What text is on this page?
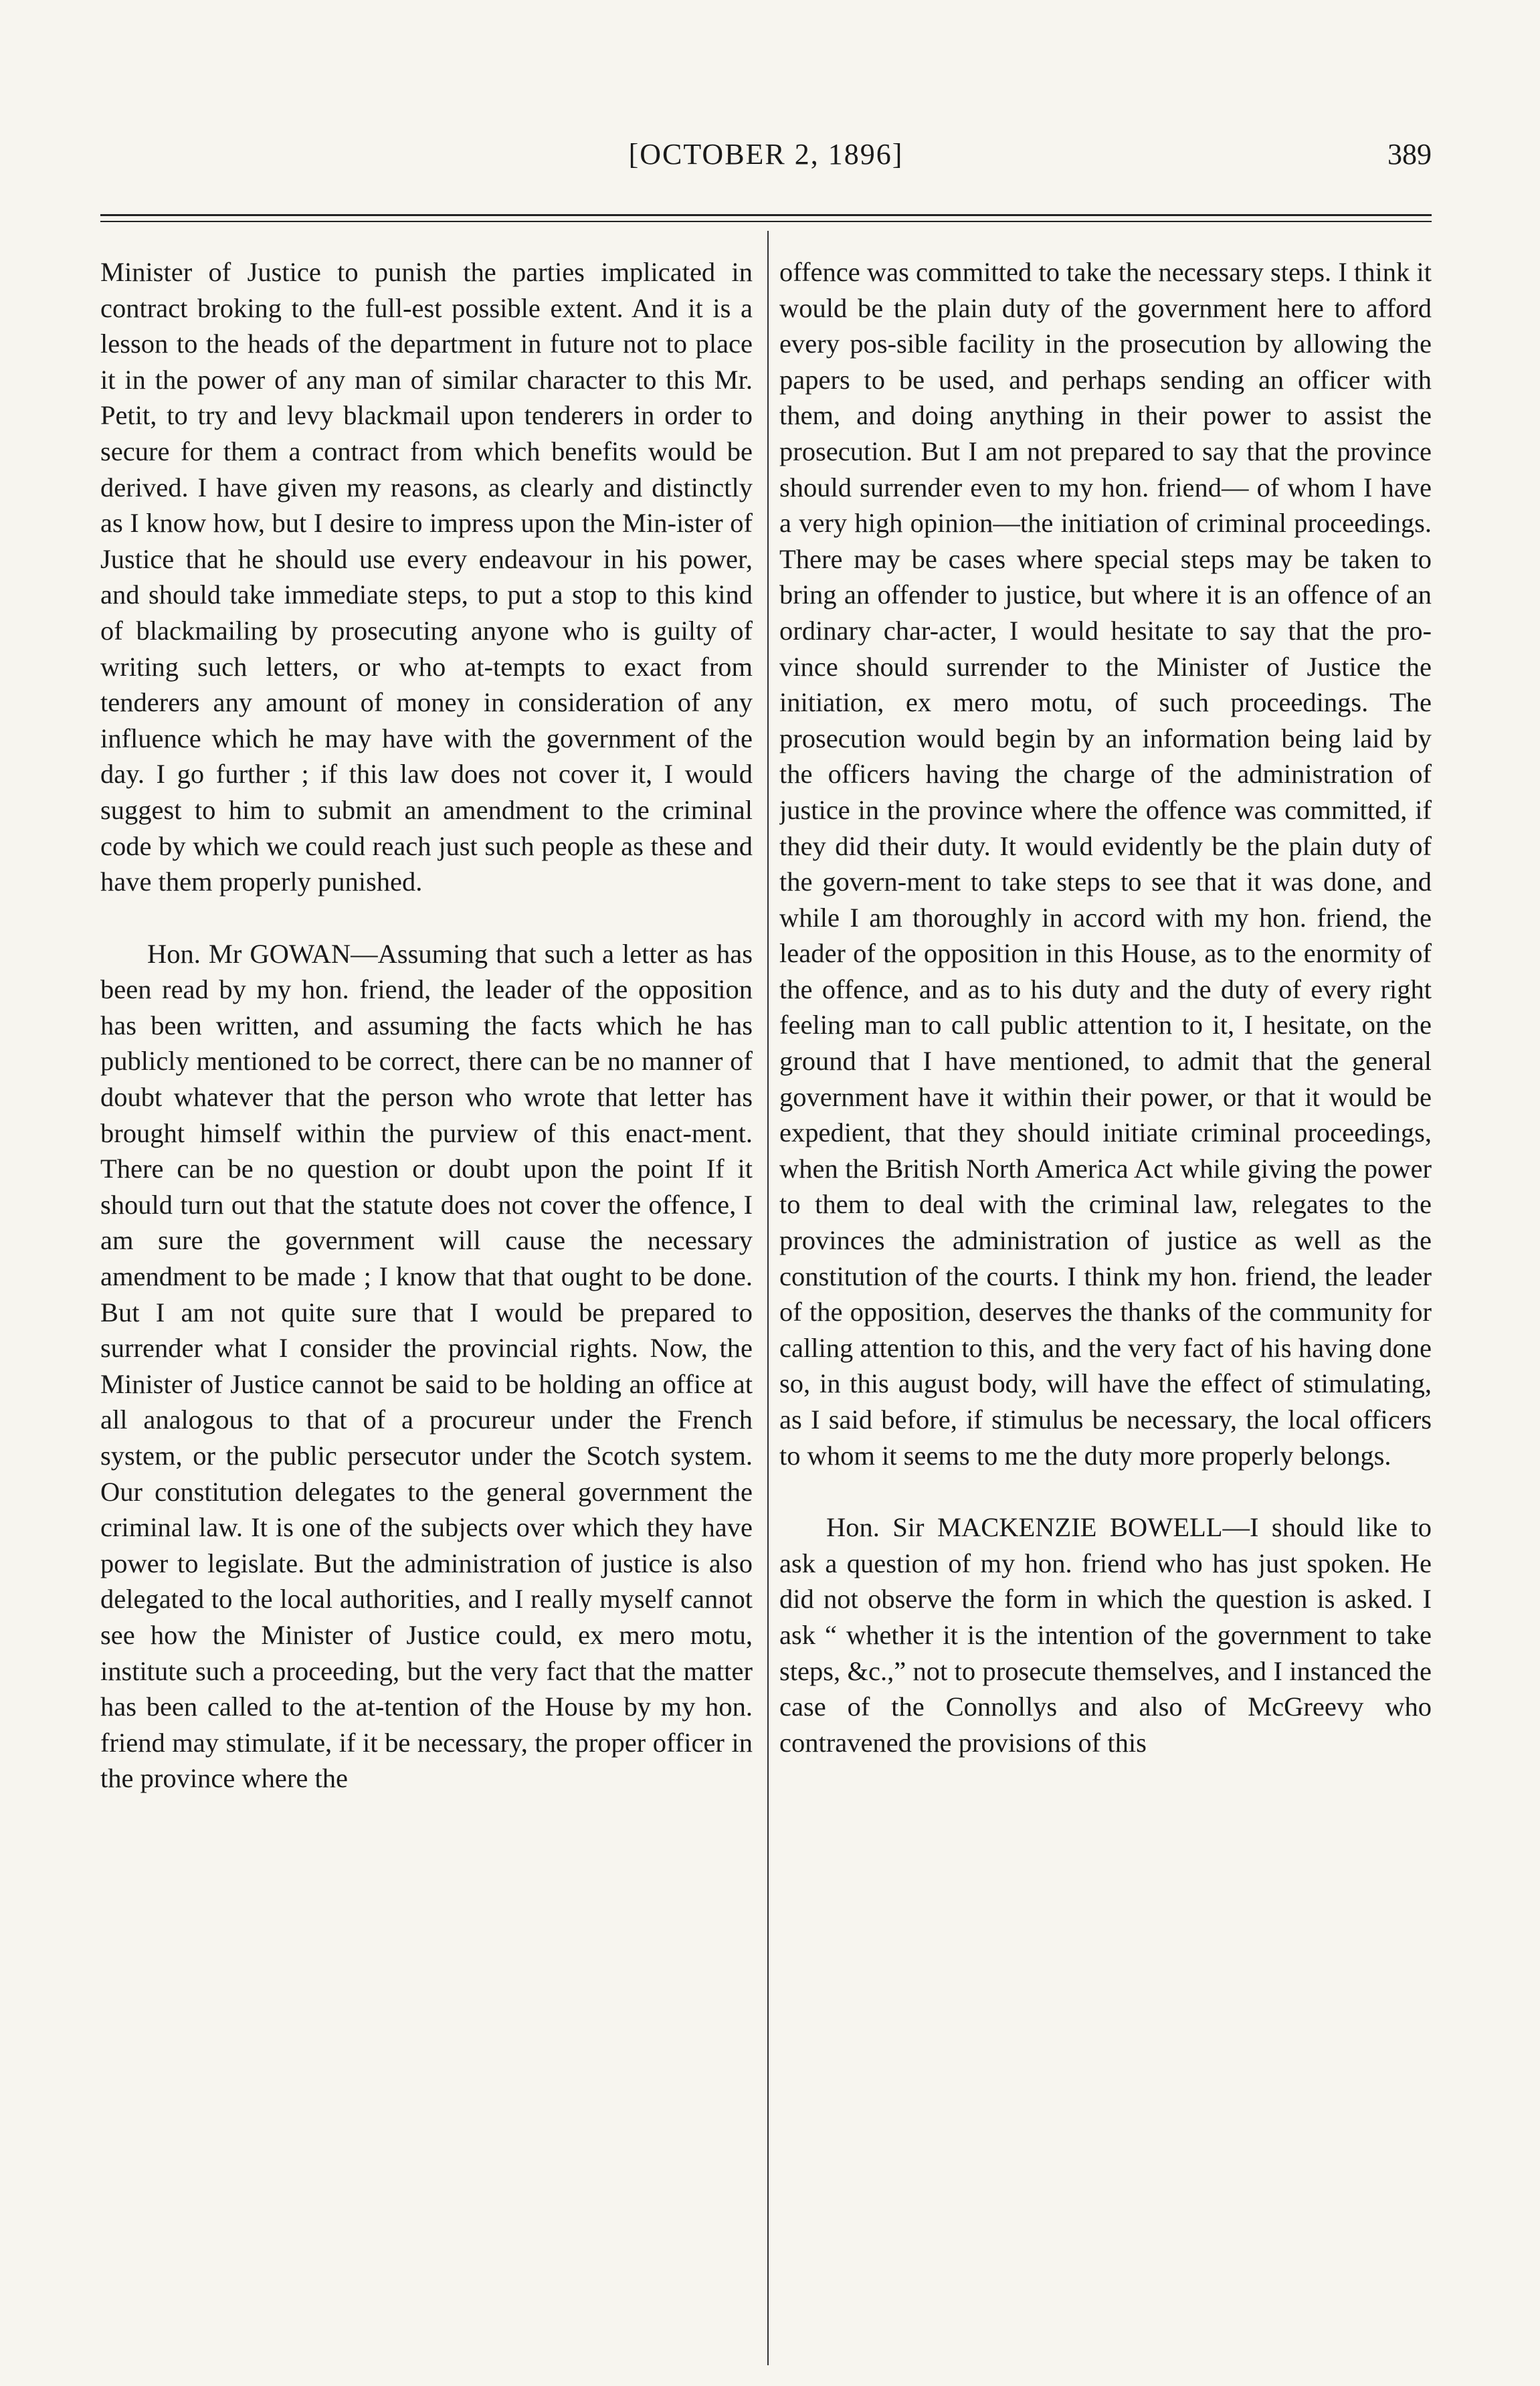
[OCTOBER 2, 1896]	389

Minister of Justice to punish the parties implicated in contract broking to the full-est possible extent. And it is a lesson to the heads of the department in future not to place it in the power of any man of similar character to this Mr. Petit, to try and levy blackmail upon tenderers in order to secure for them a contract from which benefits would be derived. I have given my reasons, as clearly and distinctly as I know how, but I desire to impress upon the Min-ister of Justice that he should use every endeavour in his power, and should take immediate steps, to put a stop to this kind of blackmailing by prosecuting anyone who is guilty of writing such letters, or who at-tempts to exact from tenderers any amount of money in consideration of any influence which he may have with the government of the day. I go further ; if this law does not cover it, I would suggest to him to submit an amendment to the criminal code by which we could reach just such people as these and have them properly punished.

Hon. Mr GOWAN—Assuming that such a letter as has been read by my hon. friend, the leader of the opposition has been written, and assuming the facts which he has publicly mentioned to be correct, there can be no manner of doubt whatever that the person who wrote that letter has brought himself within the purview of this enact-ment. There can be no question or doubt upon the point If it should turn out that the statute does not cover the offence, I am sure the government will cause the necessary amendment to be made ; I know that that ought to be done. But I am not quite sure that I would be prepared to surrender what I consider the provincial rights. Now, the Minister of Justice cannot be said to be holding an office at all analogous to that of a procureur under the French system, or the public persecutor under the Scotch system. Our constitution delegates to the general government the criminal law. It is one of the subjects over which they have power to legislate. But the administration of justice is also delegated to the local authorities, and I really myself cannot see how the Minister of Justice could, ex mero motu, institute such a proceeding, but the very fact that the matter has been called to the at-tention of the House by my hon. friend may stimulate, if it be necessary, the proper officer in the province where the

offence was committed to take the necessary steps. I think it would be the plain duty of the government here to afford every pos-sible facility in the prosecution by allowing the papers to be used, and perhaps sending an officer with them, and doing anything in their power to assist the prosecution. But I am not prepared to say that the province should surrender even to my hon. friend— of whom I have a very high opinion—the initiation of criminal proceedings. There may be cases where special steps may be taken to bring an offender to justice, but where it is an offence of an ordinary char-acter, I would hesitate to say that the pro-vince should surrender to the Minister of Justice the initiation, ex mero motu, of such proceedings. The prosecution would begin by an information being laid by the officers having the charge of the administration of justice in the province where the offence was committed, if they did their duty. It would evidently be the plain duty of the govern-ment to take steps to see that it was done, and while I am thoroughly in accord with my hon. friend, the leader of the opposition in this House, as to the enormity of the offence, and as to his duty and the duty of every right feeling man to call public attention to it, I hesitate, on the ground that I have mentioned, to admit that the general government have it within their power, or that it would be expedient, that they should initiate criminal proceedings, when the British North America Act while giving the power to them to deal with the criminal law, relegates to the provinces the administration of justice as well as the constitution of the courts. I think my hon. friend, the leader of the opposition, deserves the thanks of the community for calling attention to this, and the very fact of his having done so, in this august body, will have the effect of stimulating, as I said before, if stimulus be necessary, the local officers to whom it seems to me the duty more properly belongs.

Hon. Sir MACKENZIE BOWELL—I should like to ask a question of my hon. friend who has just spoken. He did not observe the form in which the question is asked. I ask “ whether it is the intention of the government to take steps, &c.,” not to prosecute themselves, and I instanced the case of the Connollys and also of McGreevy who contravened the provisions of this
